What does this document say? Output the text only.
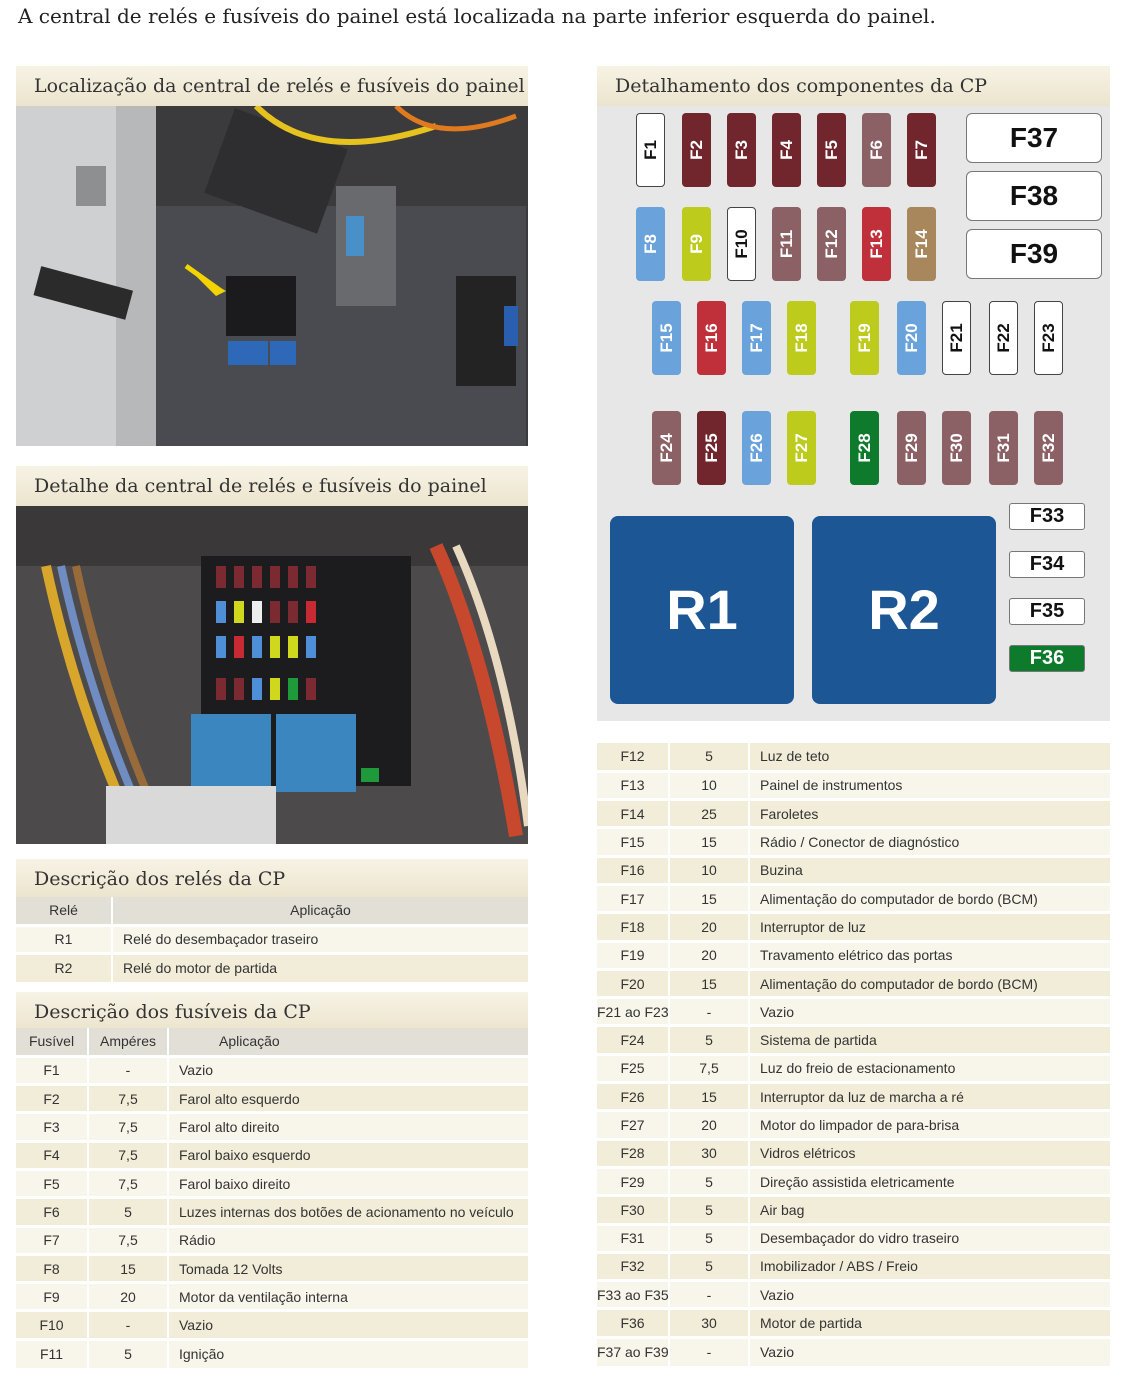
A central de relés e fusíveis do painel está localizada na parte inferior esquerda do painel.
Localização da central de relés e fusíveis do painel
Detalhe da central de relés e fusíveis do painel
Descrição dos relés da CP
Relé	Aplicação
R1	Relé do desembaçador traseiro
R2	Relé do motor de partida
Descrição dos fusíveis da CP
Fusível	Ampéres	Aplicação
F1	-	Vazio
F2	7,5	Farol alto esquerdo
F3	7,5	Farol alto direito
F4	7,5	Farol baixo esquerdo
F5	7,5	Farol baixo direito
F6	5	Luzes internas dos botões de acionamento no veículo
F7	7,5	Rádio
F8	15	Tomada 12 Volts
F9	20	Motor da ventilação interna
F10	-	Vazio
F11	5	Ignição
Detalhamento dos componentes da CP
F1 F2 F3 F4 F5 F6 F7
F8 F9 F10 F11 F12 F13 F14
F15 F16 F17 F18	F19 F20 F21 F22 F23
F24 F25 F26 F27	F28 F29 F30 F31 F32
F37
F38
F39
F33
F34
F35
F36
R1	R2
F12	5	Luz de teto
F13	10	Painel de instrumentos
F14	25	Faroletes
F15	15	Rádio / Conector de diagnóstico
F16	10	Buzina
F17	15	Alimentação do computador de bordo (BCM)
F18	20	Interruptor de luz
F19	20	Travamento elétrico das portas
F20	15	Alimentação do computador de bordo (BCM)
F21 ao F23	-	Vazio
F24	5	Sistema de partida
F25	7,5	Luz do freio de estacionamento
F26	15	Interruptor da luz de marcha a ré
F27	20	Motor do limpador de para-brisa
F28	30	Vidros elétricos
F29	5	Direção assistida eletricamente
F30	5	Air bag
F31	5	Desembaçador do vidro traseiro
F32	5	Imobilizador / ABS / Freio
F33 ao F35	-	Vazio
F36	30	Motor de partida
F37 ao F39	-	Vazio
